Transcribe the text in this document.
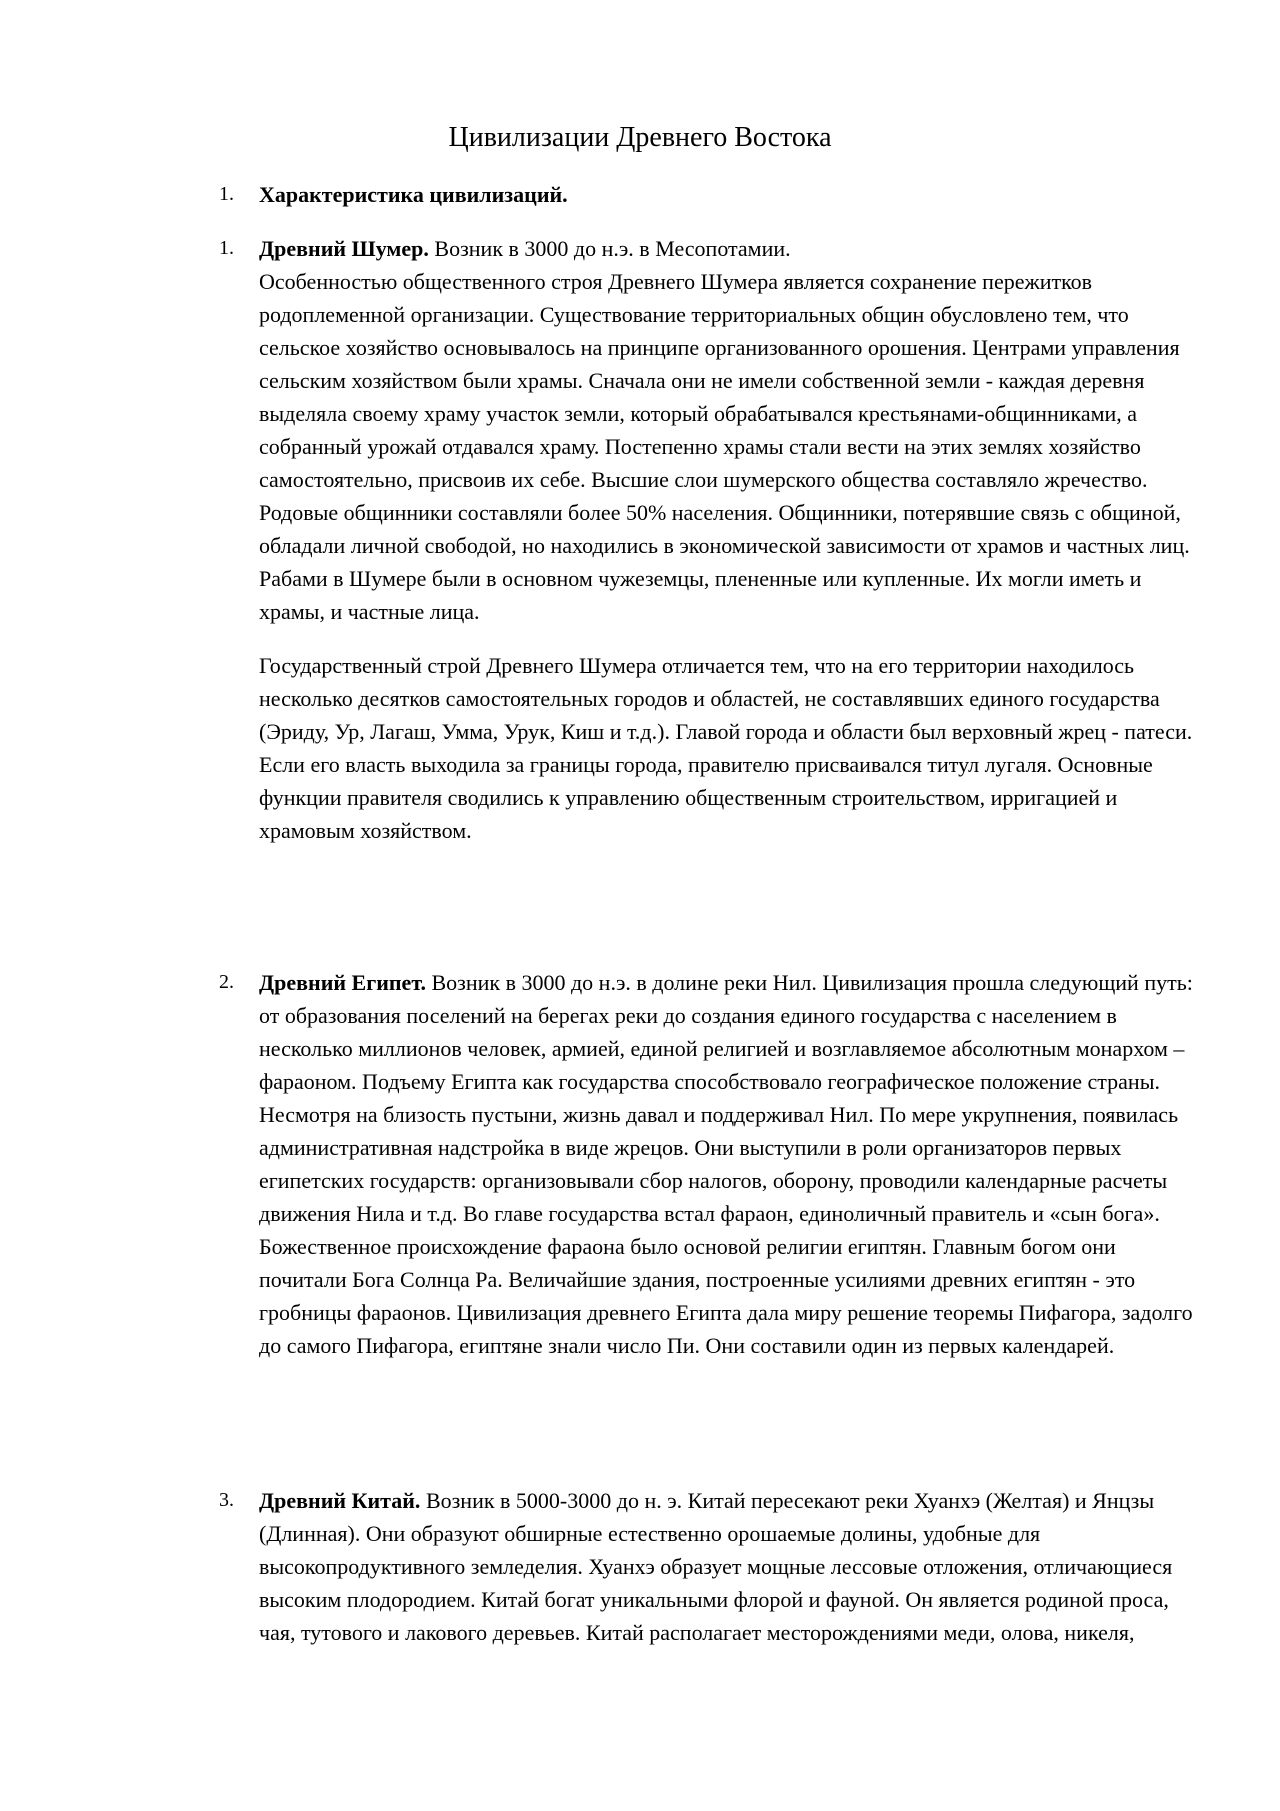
Цивилизации Древнего Востока
1.	Характеристика цивилизаций.

1.	Древний Шумер. Возник в 3000 до н.э. в Месопотамии.
Особенностью общественного строя Древнего Шумера является сохранение пережитков родоплеменной организации. Существование территориальных общин обусловлено тем, что сельское хозяйство основывалось на принципе организованного орошения. Центрами управления сельским хозяйством были храмы. Сначала они не имели собственной земли - каждая деревня выделяла своему храму участок земли, который обрабатывался крестьянами-общинниками, а собранный урожай отдавался храму. Постепенно храмы стали вести на этих землях хозяйство самостоятельно, присвоив их себе. Высшие слои шумерского общества составляло жречество. Родовые общинники составляли более 50% населения. Общинники, потерявшие связь с общиной, обладали личной свободой, но находились в экономической зависимости от храмов и частных лиц. Рабами в Шумере были в основном чужеземцы, плененные или купленные. Их могли иметь и храмы, и частные лица.

Государственный строй Древнего Шумера отличается тем, что на его территории находилось несколько десятков самостоятельных городов и областей, не составлявших единого государства (Эриду, Ур, Лагаш, Умма, Урук, Киш и т.д.). Главой города и области был верховный жрец - патеси. Если его власть выходила за границы города, правителю присваивался титул лугаля. Основные функции правителя сводились к управлению общественным строительством, ирригацией и храмовым хозяйством.

2.	Древний Египет. Возник в 3000 до н.э. в долине реки Нил. Цивилизация прошла следующий путь: от образования поселений на берегах реки до создания единого государства с населением в несколько миллионов человек, армией, единой религией и возглавляемое абсолютным монархом – фараоном. Подъему Египта как государства способствовало географическое положение страны. Несмотря на близость пустыни, жизнь давал и поддерживал Нил. По мере укрупнения, появилась административная надстройка в виде жрецов. Они выступили в роли организаторов первых египетских государств: организовывали сбор налогов, оборону, проводили календарные расчеты движения Нила и т.д. Во главе государства встал фараон, единоличный правитель и «сын бога». Божественное происхождение фараона было основой религии египтян. Главным богом они почитали Бога Солнца Ра. Величайшие здания, построенные усилиями древних египтян - это гробницы фараонов. Цивилизация древнего Египта дала миру решение теоремы Пифагора, задолго до самого Пифагора, египтяне знали число Пи. Они составили один из первых календарей.

3.	Древний Китай. Возник в 5000-3000 до н. э. Китай пересекают реки Хуанхэ (Желтая) и Янцзы (Длинная). Они образуют обширные естественно орошаемые долины, удобные для высокопродуктивного земледелия. Хуанхэ образует мощные лессовые отложения, отличающиеся высоким плодородием. Китай богат уникальными флорой и фауной. Он является родиной проса, чая, тутового и лакового деревьев. Китай располагает месторождениями меди, олова, никеля,
